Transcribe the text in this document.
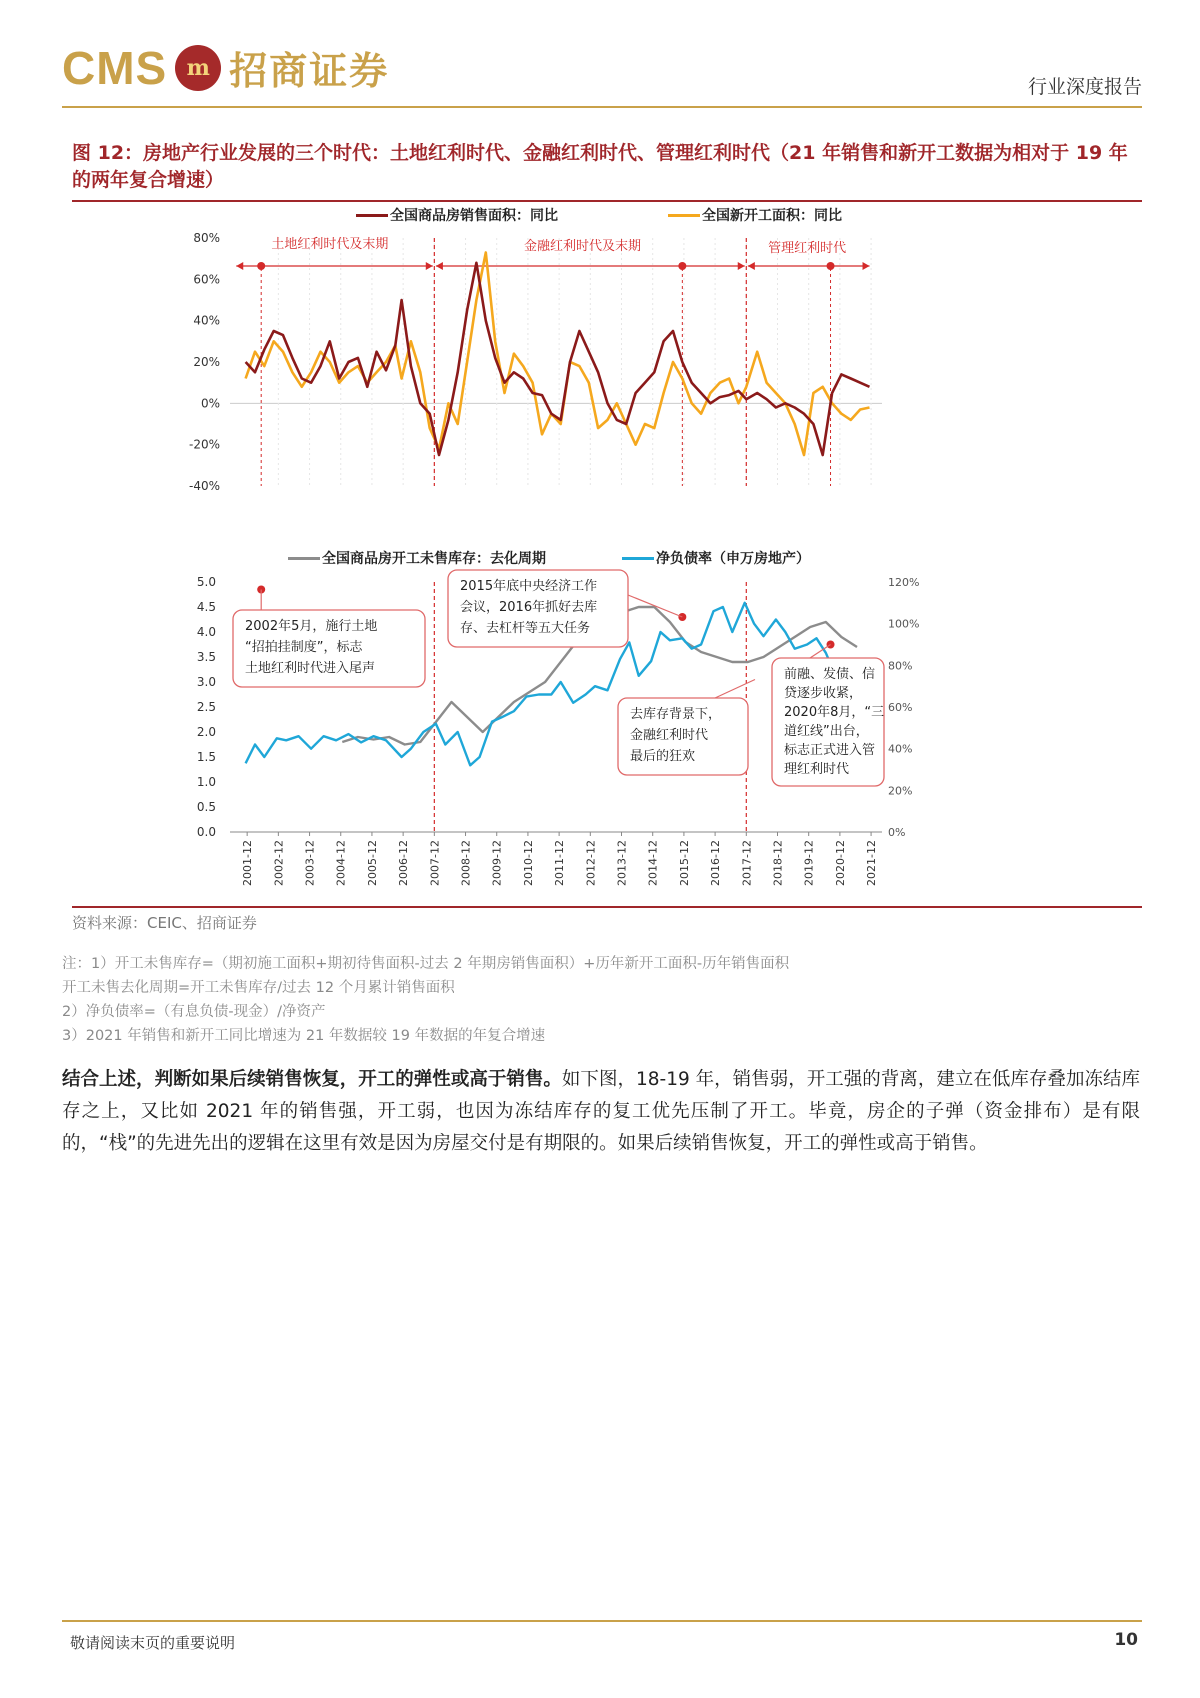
CMS m 招商证券	行业深度报告
图 12：房地产行业发展的三个时代：土地红利时代、金融红利时代、管理红利时代（21 年销售和新开工数据为相对于 19 年的两年复合增速）
全国商品房销售面积：同比	全国新开工面积：同比
80%
60%
40%
20%
0%
-20%
-40%
土地红利时代及末期	金融红利时代及末期	管理红利时代
全国商品房开工未售库存：去化周期	净负债率（申万房地产）
5.0
4.5
4.0
3.5
3.0
2.5
2.0
1.5
1.0
0.5
0.0
120%
100%
80%
60%
40%
20%
0%
2001-12 2002-12 2003-12 2004-12 2005-12 2006-12 2007-12 2008-12 2009-12 2010-12 2011-12 2012-12 2013-12 2014-12 2015-12 2016-12 2017-12 2018-12 2019-12 2020-12 2021-12
2002年5月，施行土地
“招拍挂制度”，标志
土地红利时代进入尾声
2015年底中央经济工作
会议，2016年抓好去库
存、去杠杆等五大任务
去库存背景下，
金融红利时代
最后的狂欢
前融、发债、信
贷逐步收紧，
2020年8月，“三
道红线”出台，
标志正式进入管
理红利时代
资料来源：CEIC、招商证券
注：1）开工未售库存=（期初施工面积+期初待售面积-过去 2 年期房销售面积）+历年新开工面积-历年销售面积
开工未售去化周期=开工未售库存/过去 12 个月累计销售面积
2）净负债率=（有息负债-现金）/净资产
3）2021 年销售和新开工同比增速为 21 年数据较 19 年数据的年复合增速
结合上述，判断如果后续销售恢复，开工的弹性或高于销售。如下图，18-19 年，销售弱，开工强的背离，建立在低库存叠加冻结库存之上，又比如 2021 年的销售强，开工弱，也因为冻结库存的复工优先压制了开工。毕竟，房企的子弹（资金排布）是有限的，“栈”的先进先出的逻辑在这里有效是因为房屋交付是有期限的。如果后续销售恢复，开工的弹性或高于销售。
敬请阅读末页的重要说明	10
